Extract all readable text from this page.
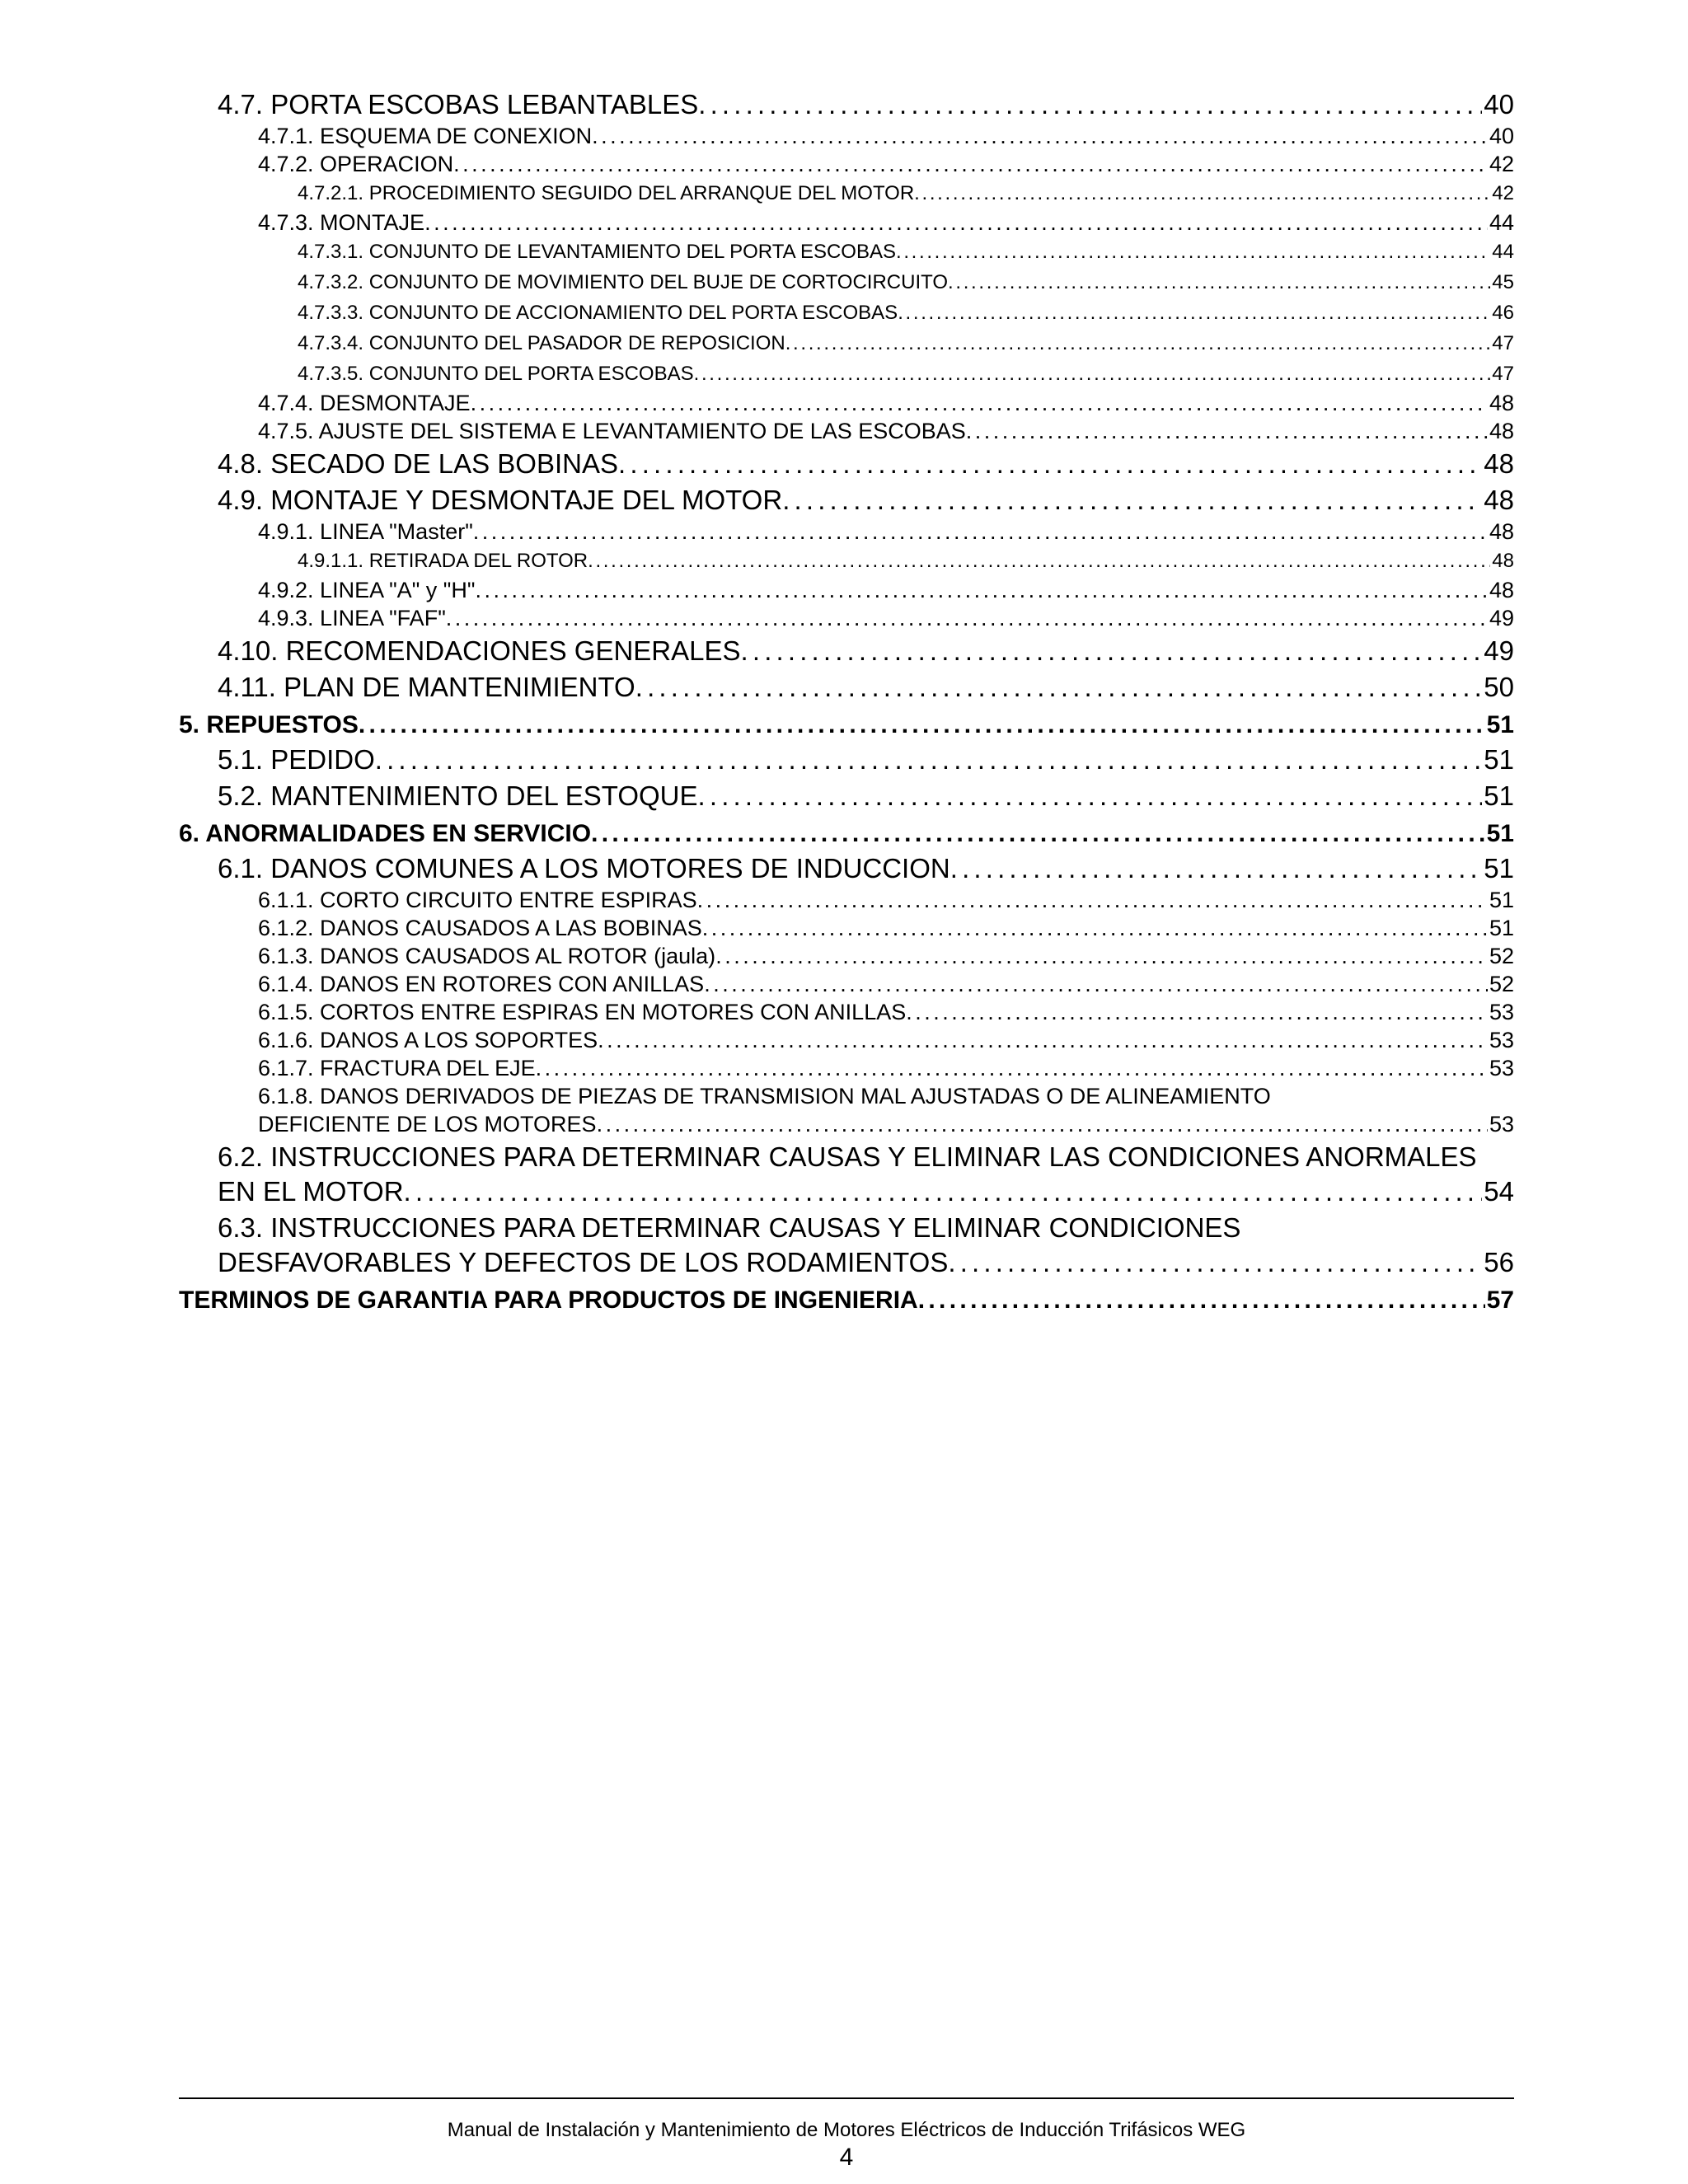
4.7. PORTA ESCOBAS LEBANTABLES . . .	40
4.7.1. ESQUEMA DE CONEXION . . .	40
4.7.2. OPERACION . . .	42
4.7.2.1. PROCEDIMIENTO SEGUIDO DEL ARRANQUE DEL MOTOR . . .	42
4.7.3. MONTAJE . . .	44
4.7.3.1. CONJUNTO DE LEVANTAMIENTO DEL PORTA ESCOBAS . . .	44
4.7.3.2. CONJUNTO DE MOVIMIENTO DEL BUJE DE CORTOCIRCUITO . . .	45
4.7.3.3. CONJUNTO DE ACCIONAMIENTO DEL PORTA ESCOBAS . . .	46
4.7.3.4. CONJUNTO DEL PASADOR DE REPOSICION . . .	47
4.7.3.5. CONJUNTO DEL PORTA ESCOBAS . . .	47
4.7.4. DESMONTAJE . . .	48
4.7.5. AJUSTE DEL SISTEMA E LEVANTAMIENTO DE LAS ESCOBAS . . .	48
4.8. SECADO DE LAS BOBINAS . . .	48
4.9. MONTAJE Y DESMONTAJE DEL MOTOR . . .	48
4.9.1. LINEA "Master" . . .	48
4.9.1.1. RETIRADA DEL ROTOR . . .	48
4.9.2. LINEA "A" y "H" . . .	48
4.9.3. LINEA "FAF" . . .	49
4.10. RECOMENDACIONES GENERALES . . .	49
4.11. PLAN DE MANTENIMIENTO . . .	50
5. REPUESTOS . . .	51
5.1. PEDIDO . . .	51
5.2. MANTENIMIENTO DEL ESTOQUE . . .	51
6. ANORMALIDADES EN SERVICIO . . .	51
6.1. DANOS COMUNES A LOS MOTORES DE INDUCCION . . .	51
6.1.1. CORTO CIRCUITO ENTRE ESPIRAS . . .	51
6.1.2. DANOS CAUSADOS A LAS BOBINAS . . .	51
6.1.3. DANOS CAUSADOS AL ROTOR (jaula) . . .	52
6.1.4. DANOS EN ROTORES CON ANILLAS . . .	52
6.1.5. CORTOS ENTRE ESPIRAS EN MOTORES CON ANILLAS . . .	53
6.1.6. DANOS A LOS SOPORTES . . .	53
6.1.7. FRACTURA DEL EJE . . .	53
6.1.8. DANOS DERIVADOS DE PIEZAS DE TRANSMISION MAL AJUSTADAS O DE ALINEAMIENTO
DEFICIENTE DE LOS MOTORES . . .	53
6.2. INSTRUCCIONES PARA DETERMINAR CAUSAS Y ELIMINAR LAS CONDICIONES ANORMALES
EN EL MOTOR . . .	54
6.3. INSTRUCCIONES PARA DETERMINAR CAUSAS Y ELIMINAR CONDICIONES
DESFAVORABLES Y DEFECTOS DE LOS RODAMIENTOS . . .	56
TERMINOS DE GARANTIA PARA PRODUCTOS DE INGENIERIA . . .	57
Manual de Instalación y Mantenimiento de Motores Eléctricos de Inducción Trifásicos WEG
4
